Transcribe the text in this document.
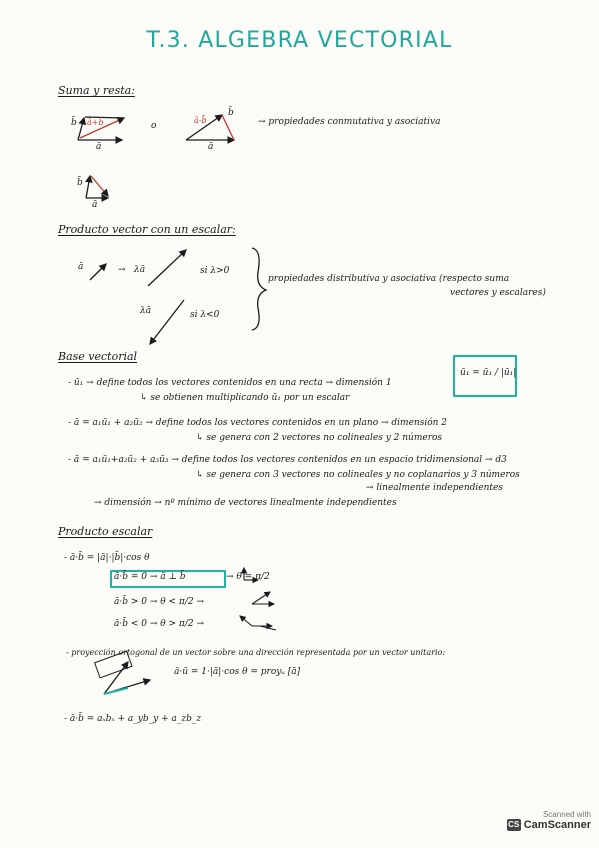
T.3. ALGEBRA VECTORIAL
Suma y resta:
b̄ ā+b̄
ā
o
ā-b̄
b̄
ā
→ propiedades conmutativa y asociativa
b̄
ā
Producto vector con un escalar:
ā	→ λā	si λ>0
λā	si λ<0
propiedades distributiva y asociativa (respecto suma
vectores y escalares)
Base vectorial
- ū₁ → define todos los vectores contenidos en una recta → dimensión 1
↳ se obtienen multiplicando ū₁ por un escalar
ū₁ = ū₁ / |ū₁|
- ā = a₁ū₁ + a₂ū₂ → define todos los vectores contenidos en un plano → dimensión 2
↳ se genera con 2 vectores no colineales y 2 números
- ā = a₁ū₁+a₂ū₂ + a₃ū₃ → define todos los vectores contenidos en un espacio tridimensional → d3
↳ se genera con 3 vectores no colineales y no coplanarios y 3 números
→ linealmente independientes
→ dimensión → nº mínimo de vectores linealmente independientes
Producto escalar
- ā·b̄ = |ā|·|b̄|·cos θ
ā·b̄ = 0 → ā ⊥ b̄	→ θ = π/2
ā·b̄ > 0 → θ < π/2 →
ā·b̄ < 0 → θ > π/2 →
- proyección ortogonal de un vector sobre una dirección representada por un vector unitario:
ā·ū = 1·|ā|·cos θ = proyᵤ [ā]
- ā·b̄ = aₓbₓ + a_yb_y + a_zb_z
Scanned with
CS CamScanner
